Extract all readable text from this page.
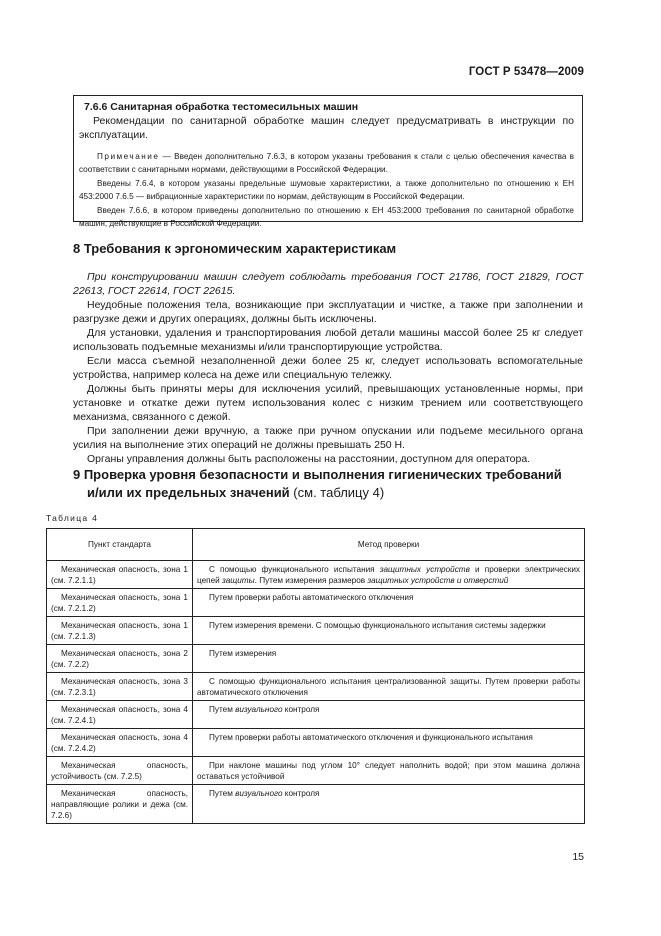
ГОСТ Р 53478—2009
7.6.6 Санитарная обработка тестомесильных машин

Рекомендации по санитарной обработке машин следует предусматривать в инструкции по эксплуатации.

Примечание — Введен дополнительно 7.6.3, в котором указаны требования к стали с целью обеспечения качества в соответствии с санитарными нормами, действующими в Российской Федерации.

Введены 7.6.4, в котором указаны предельные шумовые характеристики, а также дополнительно по отношению к ЕН 453:2000 7.6.5 — вибрационные характеристики по нормам, действующим в Российской Федерации.

Введен 7.6.6, в котором приведены дополнительно по отношению к ЕН 453:2000 требования по санитарной обработке машин, действующие в Российской Федерации.

8 Требования к эргономическим характеристикам

При конструировании машин следует соблюдать требования ГОСТ 21786, ГОСТ 21829, ГОСТ 22613, ГОСТ 22614, ГОСТ 22615.

Неудобные положения тела, возникающие при эксплуатации и чистке, а также при заполнении и разгрузке дежи и других операциях, должны быть исключены.

Для установки, удаления и транспортирования любой детали машины массой более 25 кг следует использовать подъемные механизмы и/или транспортирующие устройства.

Если масса съемной незаполненной дежи более 25 кг, следует использовать вспомогательные устройства, например колеса на деже или специальную тележку.

Должны быть приняты меры для исключения усилий, превышающих установленные нормы, при установке и откатке дежи путем использования колес с низким трением или соответствующего механизма, связанного с дежой.

При заполнении дежи вручную, а также при ручном опускании или подъеме месильного органа усилия на выполнение этих операций не должны превышать 250 Н.

Органы управления должны быть расположены на расстоянии, доступном для оператора.

9 Проверка уровня безопасности и выполнения гигиенических требований
и/или их предельных значений (см. таблицу 4)
Таблица 4
Пункт стандарта	Метод проверки
Механическая опасность, зона 1 (см. 7.2.1.1)	С помощью функционального испытания защитных устройств и проверки электрических цепей защиты. Путем измерения размеров защитных устройств и отверстий
Механическая опасность, зона 1 (см. 7.2.1.2)	Путем проверки работы автоматического отключения
Механическая опасность, зона 1 (см. 7.2.1.3)	Путем измерения времени. С помощью функционального испытания системы задержки
Механическая опасность, зона 2 (см. 7.2.2)	Путем измерения
Механическая опасность, зона 3 (см. 7.2.3.1)	С помощью функционального испытания централизованной защиты. Путем проверки работы автоматического отключения
Механическая опасность, зона 4 (см. 7.2.4.1)	Путем визуального контроля
Механическая опасность, зона 4 (см. 7.2.4.2)	Путем проверки работы автоматического отключения и функционального испытания
Механическая опасность, устойчивость (см. 7.2.5)	При наклоне машины под углом 10° следует наполнить водой; при этом машина должна оставаться устойчивой
Механическая опасность, направляющие ролики и дежа (см. 7.2.6)	Путем визуального контроля
15
